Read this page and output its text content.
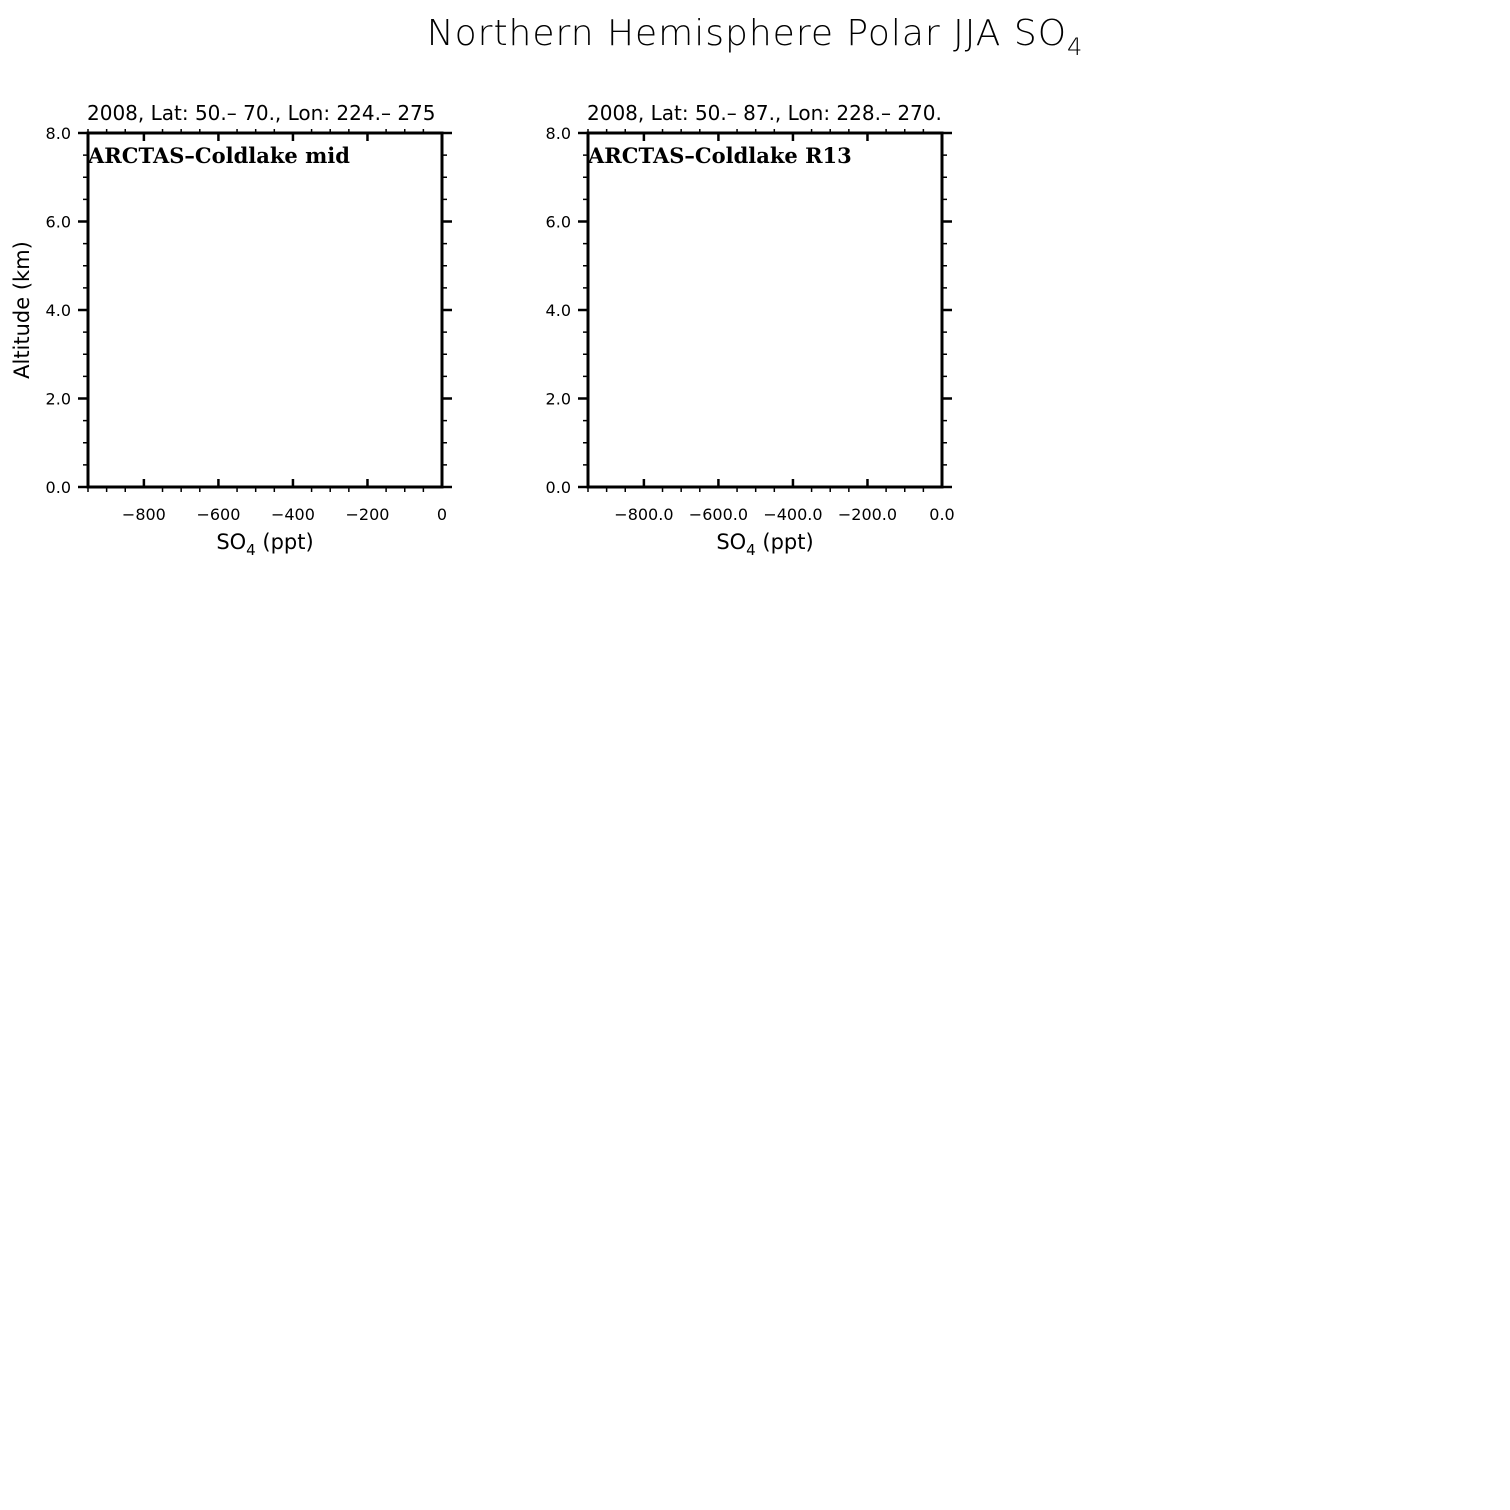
Northern Hemisphere Polar JJA $SO_4$
−800 −600 −400 −200	0
0.0
2.0
4.0
6.0
8.0
2008, Lat: 50.– 70., Lon: 224.– 275
ARCTAS–Coldlake mid
$SO_4$ (ppt)
Altitude (km)
−800.0 −600.0 −400.0 −200.0 0.0
0.0
2.0
4.0
6.0
8.0
2008, Lat: 50.– 87., Lon: 228.– 270.
ARCTAS–Coldlake R13
$SO_4$ (ppt)
